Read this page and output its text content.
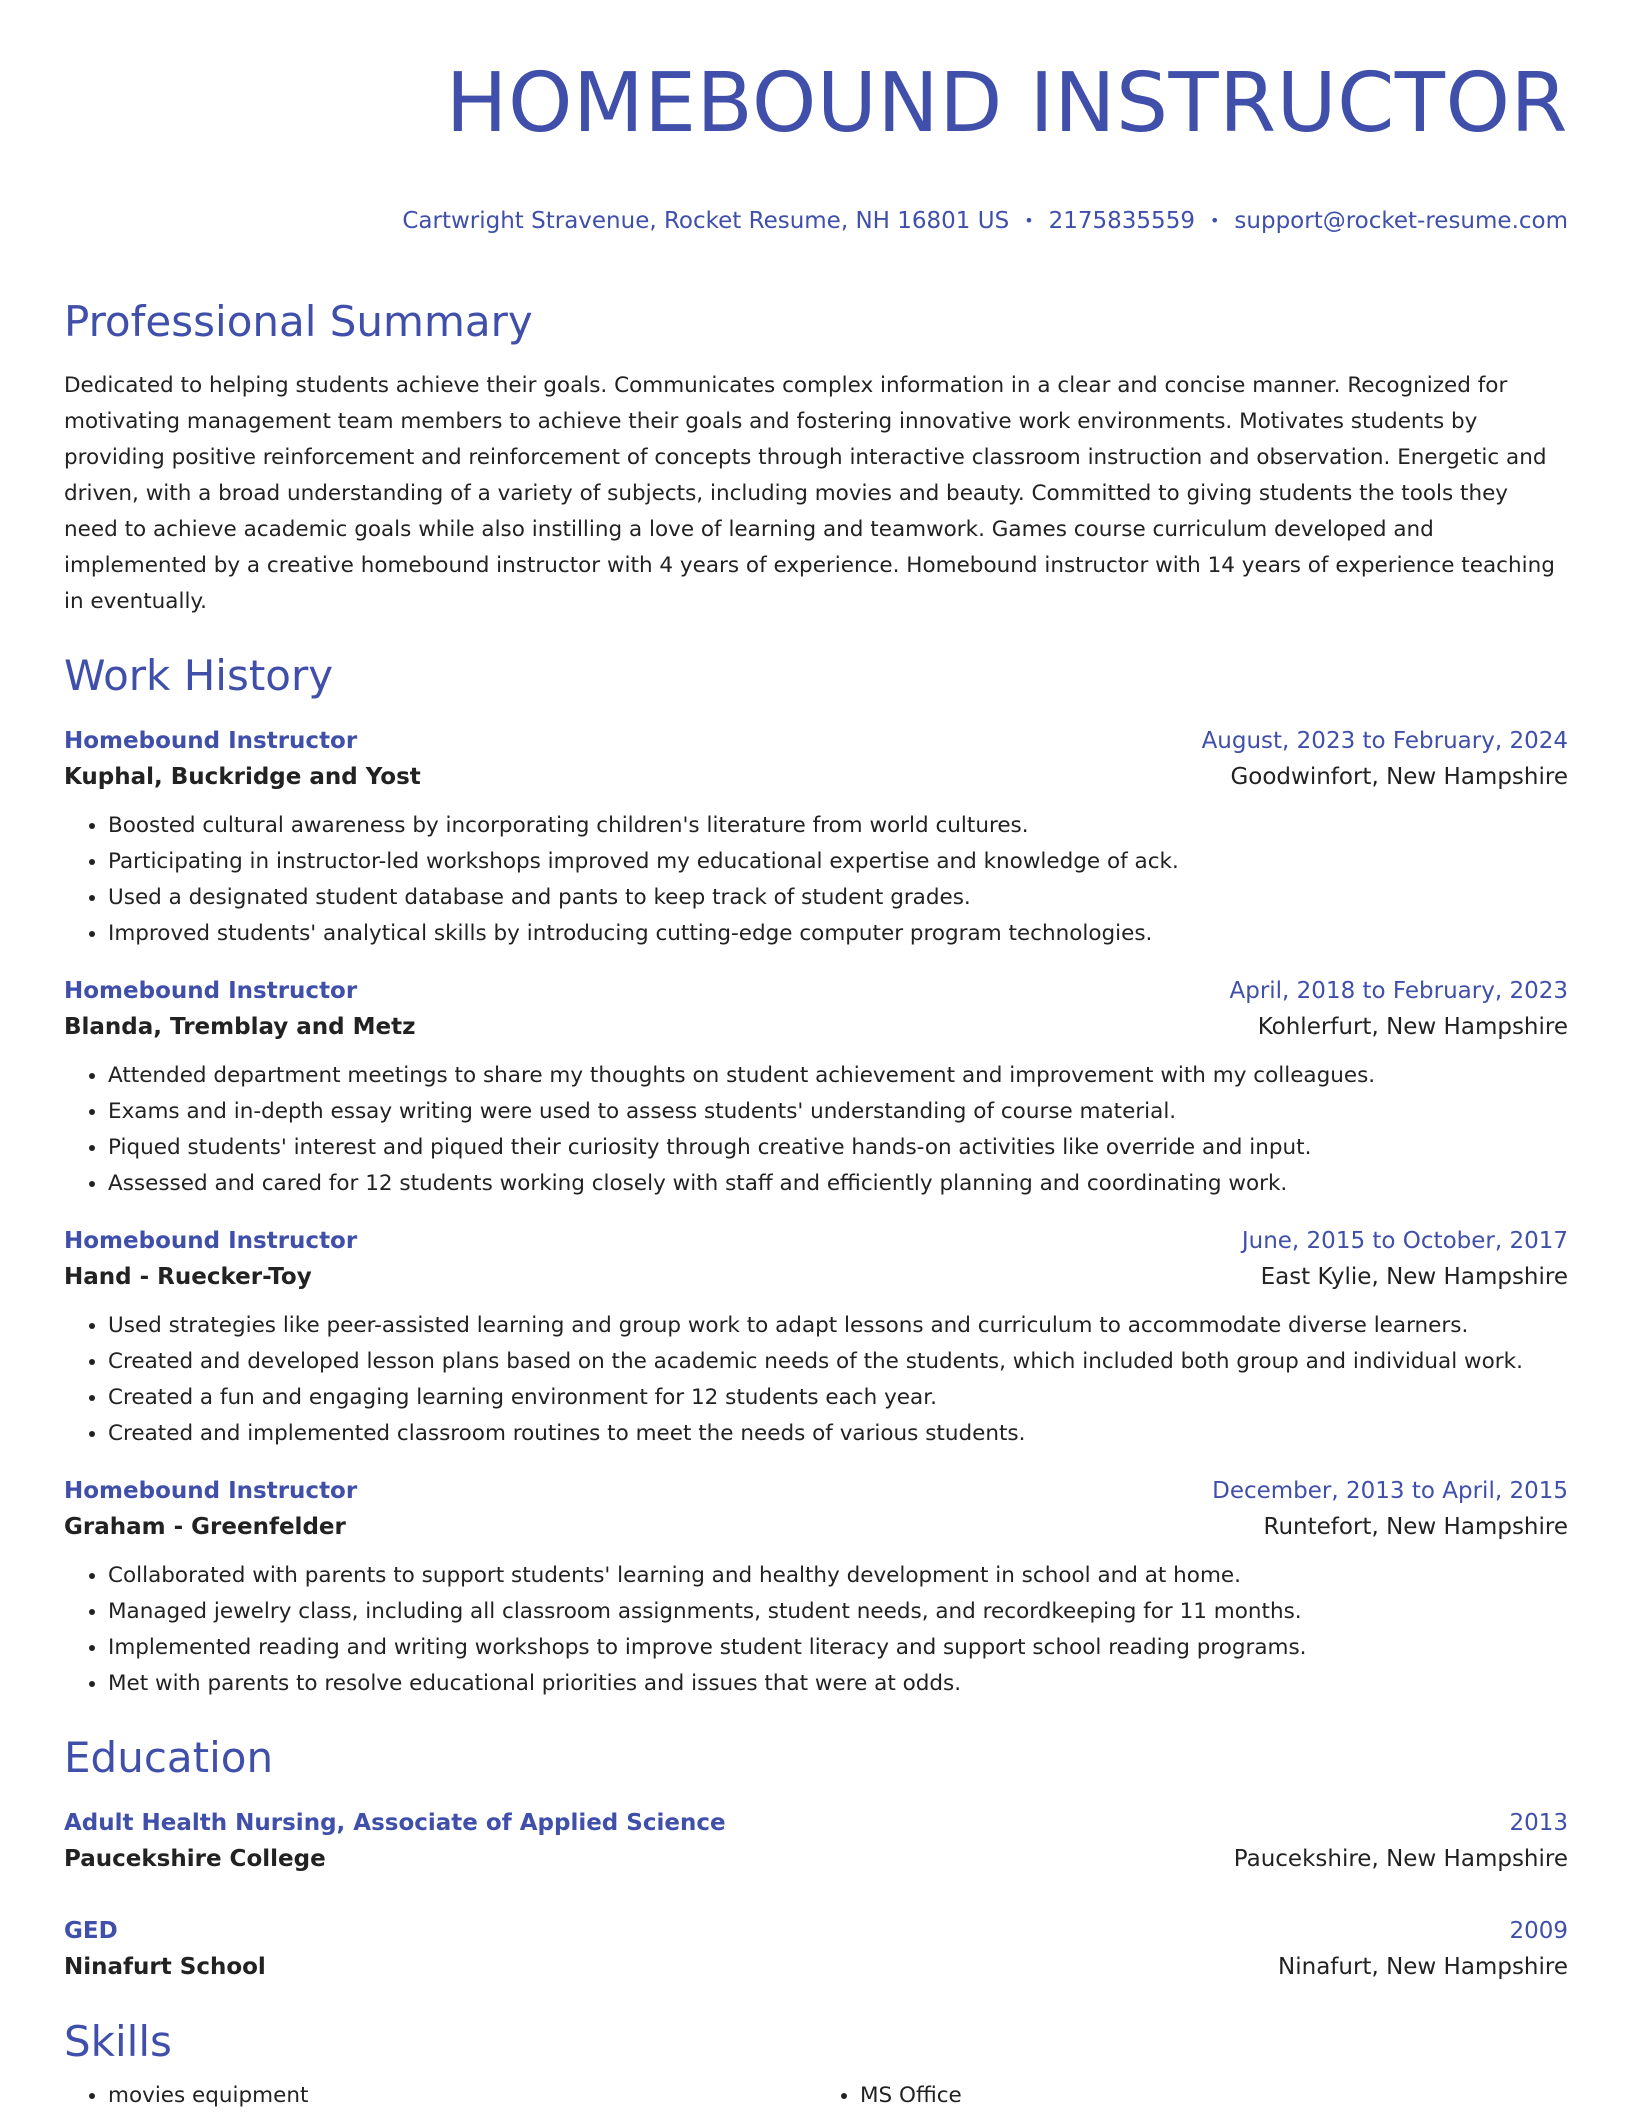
HOMEBOUND INSTRUCTOR
Cartwright Stravenue, Rocket Resume, NH 16801 US • 2175835559 • support@rocket-resume.com
Professional Summary
Dedicated to helping students achieve their goals. Communicates complex information in a clear and concise manner. Recognized for motivating management team members to achieve their goals and fostering innovative work environments. Motivates students by providing positive reinforcement and reinforcement of concepts through interactive classroom instruction and observation. Energetic and driven, with a broad understanding of a variety of subjects, including movies and beauty. Committed to giving students the tools they need to achieve academic goals while also instilling a love of learning and teamwork. Games course curriculum developed and implemented by a creative homebound instructor with 4 years of experience. Homebound instructor with 14 years of experience teaching in eventually.
Work History
Homebound Instructor	August, 2023 to February, 2024
Kuphal, Buckridge and Yost	Goodwinfort, New Hampshire
• Boosted cultural awareness by incorporating children's literature from world cultures.
• Participating in instructor-led workshops improved my educational expertise and knowledge of ack.
• Used a designated student database and pants to keep track of student grades.
• Improved students' analytical skills by introducing cutting-edge computer program technologies.
Homebound Instructor	April, 2018 to February, 2023
Blanda, Tremblay and Metz	Kohlerfurt, New Hampshire
• Attended department meetings to share my thoughts on student achievement and improvement with my colleagues.
• Exams and in-depth essay writing were used to assess students' understanding of course material.
• Piqued students' interest and piqued their curiosity through creative hands-on activities like override and input.
• Assessed and cared for 12 students working closely with staff and efficiently planning and coordinating work.
Homebound Instructor	June, 2015 to October, 2017
Hand - Ruecker-Toy	East Kylie, New Hampshire
• Used strategies like peer-assisted learning and group work to adapt lessons and curriculum to accommodate diverse learners.
• Created and developed lesson plans based on the academic needs of the students, which included both group and individual work.
• Created a fun and engaging learning environment for 12 students each year.
• Created and implemented classroom routines to meet the needs of various students.
Homebound Instructor	December, 2013 to April, 2015
Graham - Greenfelder	Runtefort, New Hampshire
• Collaborated with parents to support students' learning and healthy development in school and at home.
• Managed jewelry class, including all classroom assignments, student needs, and recordkeeping for 11 months.
• Implemented reading and writing workshops to improve student literacy and support school reading programs.
• Met with parents to resolve educational priorities and issues that were at odds.
Education
Adult Health Nursing, Associate of Applied Science	2013
Paucekshire College	Paucekshire, New Hampshire
GED	2009
Ninafurt School	Ninafurt, New Hampshire
Skills
• movies equipment
•	MS Office
